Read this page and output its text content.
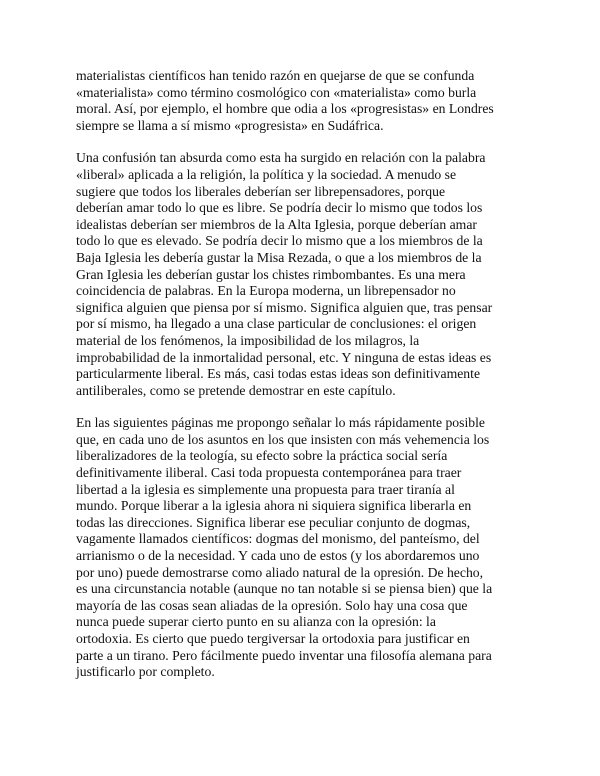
materialistas científicos han tenido razón en quejarse de que se confunda
«materialista» como término cosmológico con «materialista» como burla
moral. Así, por ejemplo, el hombre que odia a los «progresistas» en Londres
siempre se llama a sí mismo «progresista» en Sudáfrica.

Una confusión tan absurda como esta ha surgido en relación con la palabra
«liberal» aplicada a la religión, la política y la sociedad. A menudo se
sugiere que todos los liberales deberían ser librepensadores, porque
deberían amar todo lo que es libre. Se podría decir lo mismo que todos los
idealistas deberían ser miembros de la Alta Iglesia, porque deberían amar
todo lo que es elevado. Se podría decir lo mismo que a los miembros de la
Baja Iglesia les debería gustar la Misa Rezada, o que a los miembros de la
Gran Iglesia les deberían gustar los chistes rimbombantes. Es una mera
coincidencia de palabras. En la Europa moderna, un librepensador no
significa alguien que piensa por sí mismo. Significa alguien que, tras pensar
por sí mismo, ha llegado a una clase particular de conclusiones: el origen
material de los fenómenos, la imposibilidad de los milagros, la
improbabilidad de la inmortalidad personal, etc. Y ninguna de estas ideas es
particularmente liberal. Es más, casi todas estas ideas son definitivamente
antiliberales, como se pretende demostrar en este capítulo.

En las siguientes páginas me propongo señalar lo más rápidamente posible
que, en cada uno de los asuntos en los que insisten con más vehemencia los
liberalizadores de la teología, su efecto sobre la práctica social sería
definitivamente iliberal. Casi toda propuesta contemporánea para traer
libertad a la iglesia es simplemente una propuesta para traer tiranía al
mundo. Porque liberar a la iglesia ahora ni siquiera significa liberarla en
todas las direcciones. Significa liberar ese peculiar conjunto de dogmas,
vagamente llamados científicos: dogmas del monismo, del panteísmo, del
arrianismo o de la necesidad. Y cada uno de estos (y los abordaremos uno
por uno) puede demostrarse como aliado natural de la opresión. De hecho,
es una circunstancia notable (aunque no tan notable si se piensa bien) que la
mayoría de las cosas sean aliadas de la opresión. Solo hay una cosa que
nunca puede superar cierto punto en su alianza con la opresión: la
ortodoxia. Es cierto que puedo tergiversar la ortodoxia para justificar en
parte a un tirano. Pero fácilmente puedo inventar una filosofía alemana para
justificarlo por completo.
